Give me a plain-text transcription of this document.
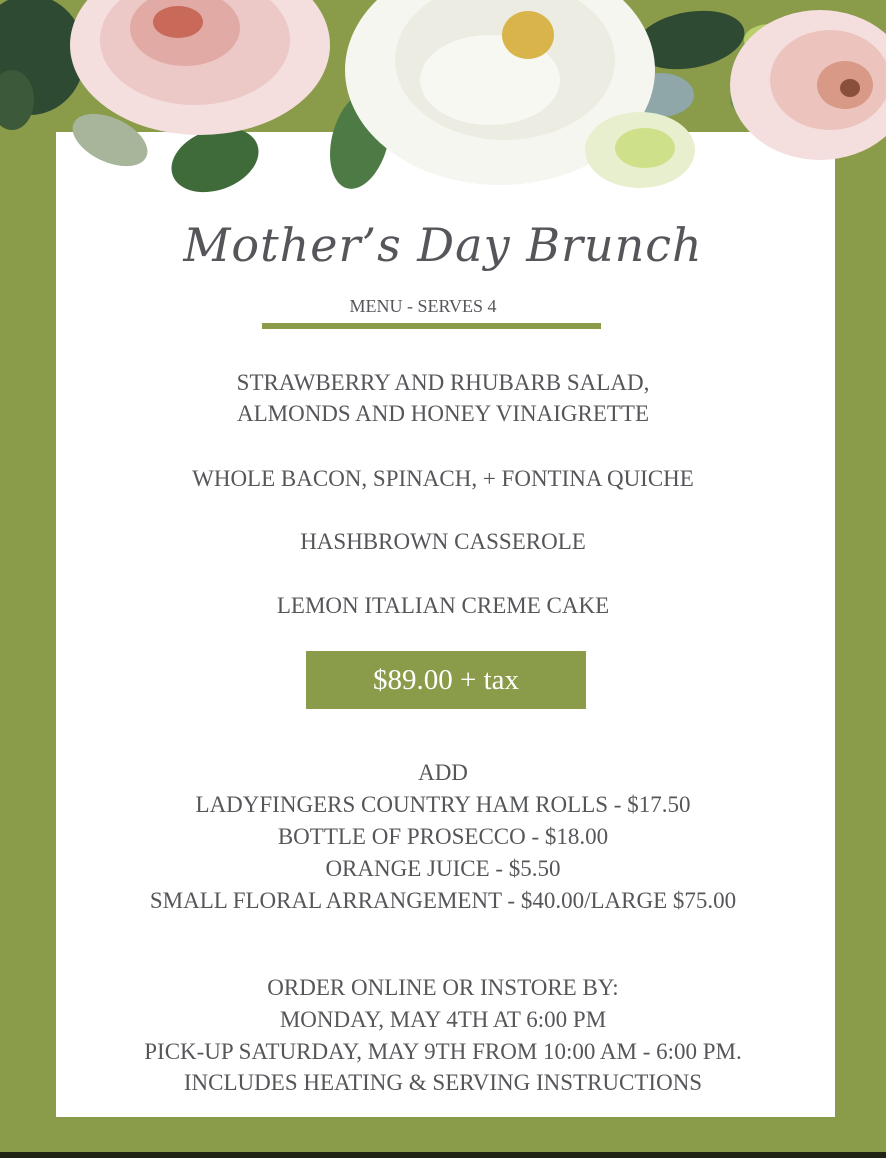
Mother’s Day Brunch
MENU - SERVES 4
STRAWBERRY AND RHUBARB SALAD,
ALMONDS AND HONEY VINAIGRETTE
WHOLE BACON, SPINACH, + FONTINA QUICHE
HASHBROWN CASSEROLE
LEMON ITALIAN CREME CAKE
$89.00 + tax
ADD
LADYFINGERS COUNTRY HAM ROLLS - $17.50
BOTTLE OF PROSECCO - $18.00
ORANGE JUICE - $5.50
SMALL FLORAL ARRANGEMENT - $40.00/LARGE $75.00
ORDER ONLINE OR INSTORE BY:
MONDAY, MAY 4TH AT 6:00 PM
PICK-UP SATURDAY, MAY 9TH FROM 10:00 AM - 6:00 PM.
INCLUDES HEATING & SERVING INSTRUCTIONS
